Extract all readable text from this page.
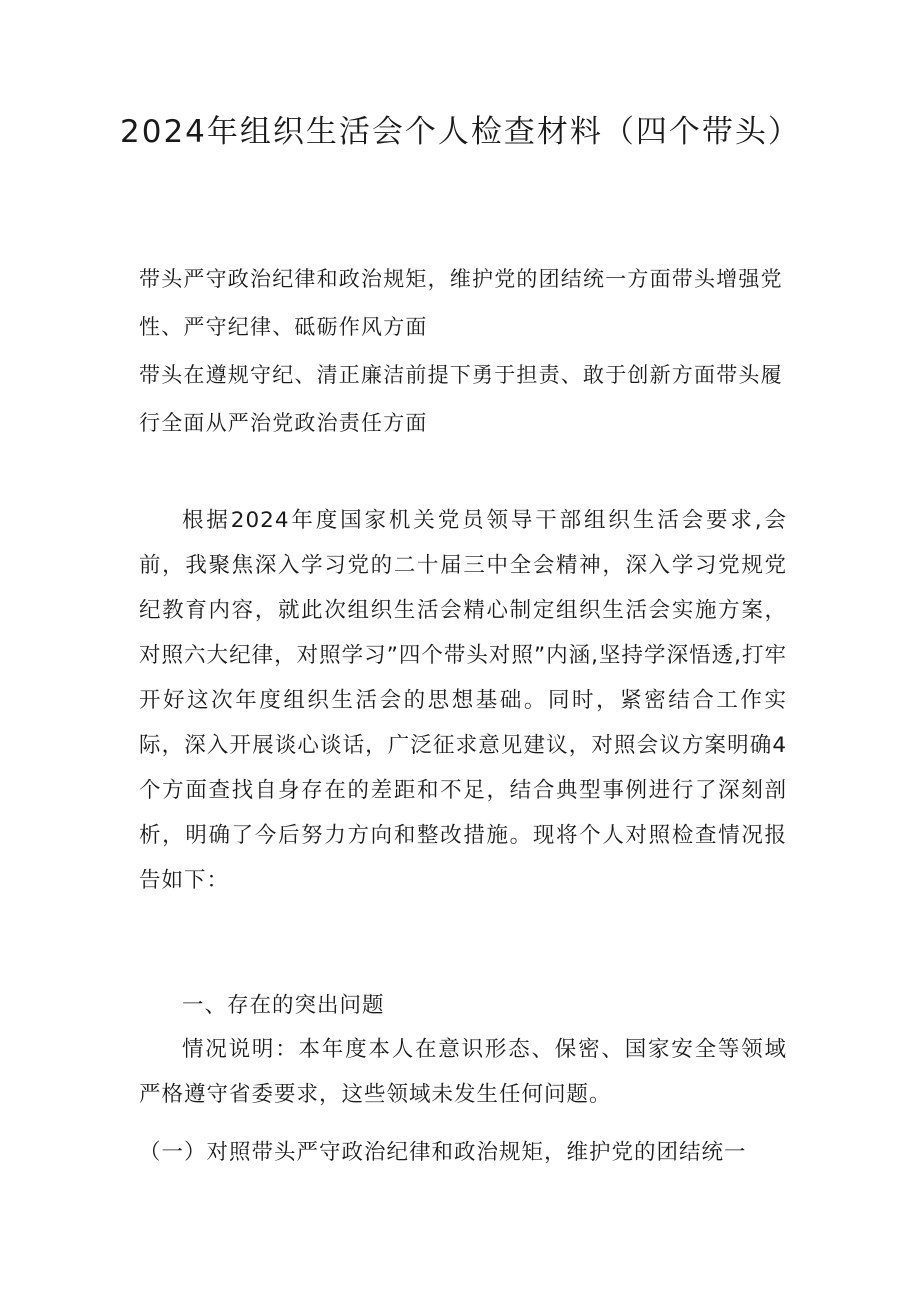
2024年组织生活会个人检查材料（四个带头）

带头严守政治纪律和政治规矩，维护党的团结统一方面带头增强党性、严守纪律、砥砺作风方面

带头在遵规守纪、清正廉洁前提下勇于担责、敢于创新方面带头履行全面从严治党政治责任方面

根据2024年度国家机关党员领导干部组织生活会要求,会前，我聚焦深入学习党的二十届三中全会精神，深入学习党规党纪教育内容，就此次组织生活会精心制定组织生活会实施方案，对照六大纪律，对照学习”四个带头对照”内涵,坚持学深悟透,打牢开好这次年度组织生活会的思想基础。同时，紧密结合工作实际，深入开展谈心谈话，广泛征求意见建议，对照会议方案明确4个方面查找自身存在的差距和不足，结合典型事例进行了深刻剖析，明确了今后努力方向和整改措施。现将个人对照检查情况报告如下：

一、存在的突出问题

情况说明：本年度本人在意识形态、保密、国家安全等领域严格遵守省委要求，这些领域未发生任何问题。

（一）对照带头严守政治纪律和政治规矩，维护党的团结统一
